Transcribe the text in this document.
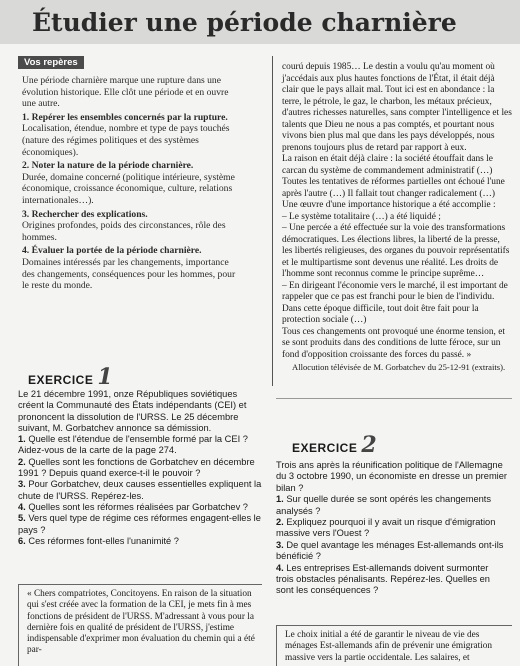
Étudier une période charnière
Vos repères

Une période charnière marque une rupture dans une évolution historique. Elle clôt une période et en ouvre une autre.

1. Repérer les ensembles concernés par la rupture.

Localisation, étendue, nombre et type de pays touchés (nature des régimes politiques et des systèmes économiques).

2. Noter la nature de la période charnière.

Durée, domaine concerné (politique intérieure, système économique, croissance économique, culture, relations internationales…).

3. Rechercher des explications.

Origines profondes, poids des circonstances, rôle des hommes.

4. Évaluer la portée de la période charnière.

Domaines intéressés par les changements, importance des changements, conséquences pour les hommes, pour le reste du monde.

courú depuis 1985… Le destin a voulu qu'au moment où j'accédais aux plus hautes fonctions de l'État, il était déjà clair que le pays allait mal. Tout ici est en abondance : la terre, le pétrole, le gaz, le charbon, les métaux précieux, d'autres richesses naturelles, sans compter l'intelligence et les talents que Dieu ne nous a pas comptés, et pourtant nous vivons bien plus mal que dans les pays développés, nous prenons toujours plus de retard par rapport à eux.

La raison en était déjà claire : la société étouffait dans le carcan du système de commandement administratif (…) Toutes les tentatives de réformes partielles ont échoué l'une après l'autre (…) Il fallait tout changer radicalement (…)

Une œuvre d'une importance historique a été accomplie :

– Le système totalitaire (…) a été liquidé ;

– Une percée a été effectuée sur la voie des transformations démocratiques. Les élections libres, la liberté de la presse, les libertés religieuses, des organes du pouvoir représentatifs et le multipartisme sont devenus une réalité. Les droits de l'homme sont reconnus comme le principe suprême…

– En dirigeant l'économie vers le marché, il est important de rappeler que ce pas est franchi pour le bien de l'individu. Dans cette époque difficile, tout doit être fait pour la protection sociale (…)

Tous ces changements ont provoqué une énorme tension, et se sont produits dans des conditions de lutte féroce, sur un fond d'opposition croissante des forces du passé. »

Allocution télévisée de M. Gorbatchev du 25-12-91 (extraits).

EXERCICE 1

Le 21 décembre 1991, onze Républiques soviétiques créent la Communauté des États indépendants (CEI) et prononcent la dissolution de l'URSS. Le 25 décembre suivant, M. Gorbatchev annonce sa démission.

1. Quelle est l'étendue de l'ensemble formé par la CEI ? Aidez-vous de la carte de la page 274.

2. Quelles sont les fonctions de Gorbatchev en décembre 1991 ? Depuis quand exerce-t-il le pouvoir ?

3. Pour Gorbatchev, deux causes essentielles expliquent la chute de l'URSS. Repérez-les.

4. Quelles sont les réformes réalisées par Gorbatchev ?

5. Vers quel type de régime ces réformes engagent-elles le pays ?

6. Ces réformes font-elles l'unanimité ?

« Chers compatriotes, Concitoyens. En raison de la situation qui s'est créée avec la formation de la CEI, je mets fin à mes fonctions de président de l'URSS. M'adressant à vous pour la dernière fois en qualité de président de l'URSS, j'estime indispensable d'exprimer mon évaluation du chemin qui a été par-
EXERCICE 2

Trois ans après la réunification politique de l'Allemagne du 3 octobre 1990, un économiste en dresse un premier bilan ?

1. Sur quelle durée se sont opérés les changements analysés ?

2. Expliquez pourquoi il y avait un risque d'émigration massive vers l'Ouest ?

3. De quel avantage les ménages Est-allemands ont-ils bénéficié ?

4. Les entreprises Est-allemands doivent surmonter trois obstacles pénalisants. Repérez-les. Quelles en sont les conséquences ?

Le choix initial a été de garantir le niveau de vie des ménages Est-allemands afin de prévenir une émigration massive vers la partie occidentale. Les salaires, et
